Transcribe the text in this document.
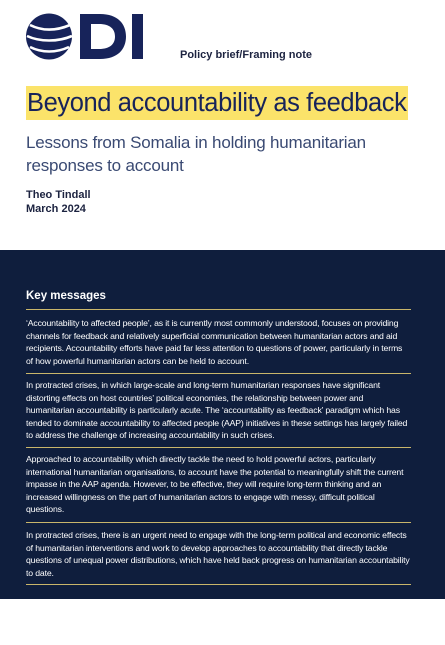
Policy brief/Framing note
Beyond accountability as feedback
Lessons from Somalia in holding humanitarian responses to account
Theo Tindall
March 2024
Key messages
‘Accountability to affected people’, as it is currently most commonly understood, focuses on providing channels for feedback and relatively superficial communication between humanitarian actors and aid recipients. Accountability efforts have paid far less attention to questions of power, particularly in terms of how powerful humanitarian actors can be held to account.
In protracted crises, in which large-scale and long-term humanitarian responses have significant distorting effects on host countries’ political economies, the relationship between power and humanitarian accountability is particularly acute. The ‘accountability as feedback’ paradigm which has tended to dominate accountability to affected people (AAP) initiatives in these settings has largely failed to address the challenge of increasing accountability in such crises.
Approached to accountability which directly tackle the need to hold powerful actors, particularly international humanitarian organisations, to account have the potential to meaningfully shift the current impasse in the AAP agenda. However, to be effective, they will require long-term thinking and an increased willingness on the part of humanitarian actors to engage with messy, difficult political questions.
In protracted crises, there is an urgent need to engage with the long-term political and economic effects of humanitarian interventions and work to develop approaches to accountability that directly tackle questions of unequal power distributions, which have held back progress on humanitarian accountability to date.
